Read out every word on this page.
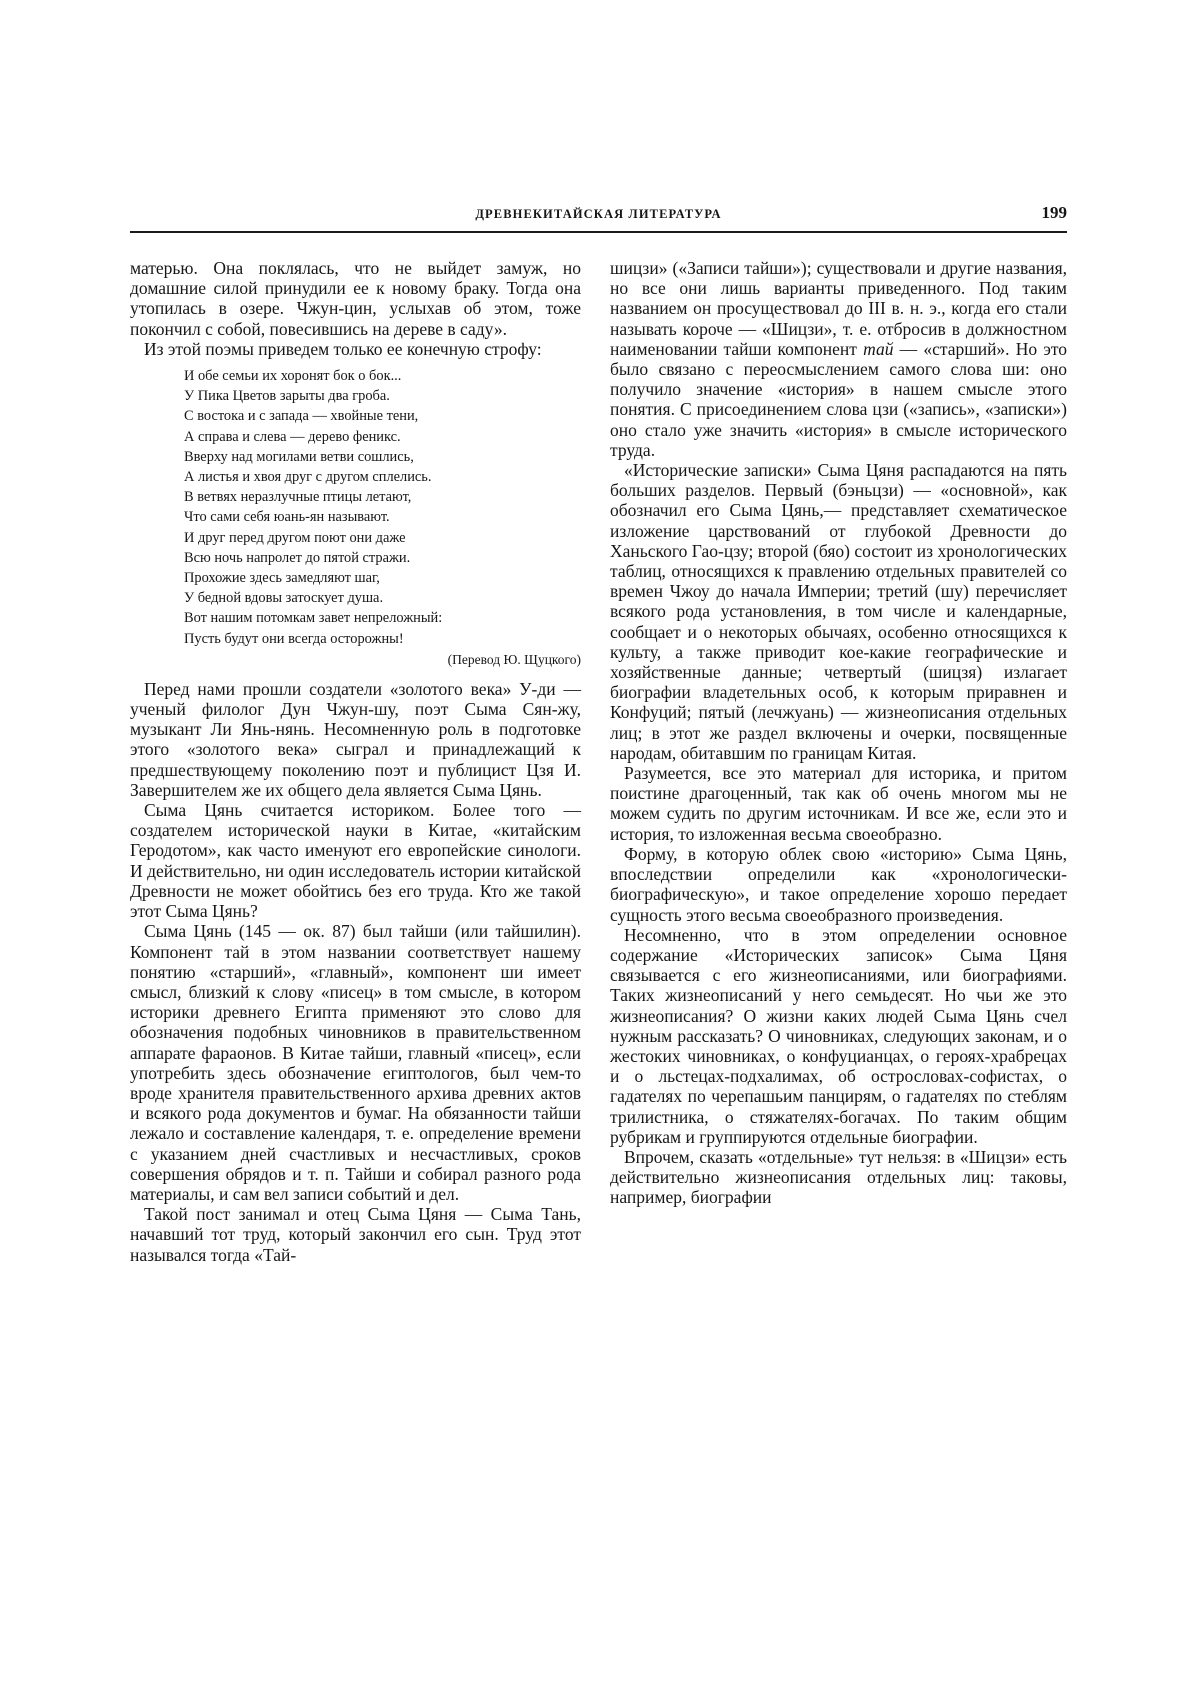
ДРЕВНЕКИТАЙСКАЯ ЛИТЕРАТУРА	199

матерью. Она поклялась, что не выйдет замуж, но домашние силой принудили ее к новому браку. Тогда она утопилась в озере. Чжун-цин, услыхав об этом, тоже покончил с собой, повесившись на дереве в саду».

Из этой поэмы приведем только ее конечную строфу:

И обе семьи их хоронят бок о бок...
У Пика Цветов зарыты два гроба.
С востока и с запада — хвойные тени,
А справа и слева — дерево феникс.
Вверху над могилами ветви сошлись,
А листья и хвоя друг с другом сплелись.
В ветвях неразлучные птицы летают,
Что сами себя юань-ян называют.
И друг перед другом поют они даже
Всю ночь напролет до пятой стражи.
Прохожие здесь замедляют шаг,
У бедной вдовы затоскует душа.
Вот нашим потомкам завет непреложный:
Пусть будут они всегда осторожны!
(Перевод Ю. Щуцкого)

Перед нами прошли создатели «золотого века» У-ди — ученый филолог Дун Чжун-шу, поэт Сыма Сян-жу, музыкант Ли Янь-нянь. Несомненную роль в подготовке этого «золотого века» сыграл и принадлежащий к предшествующему поколению поэт и публицист Цзя И. Завершителем же их общего дела является Сыма Цянь.

Сыма Цянь считается историком. Более того — создателем исторической науки в Китае, «китайским Геродотом», как часто именуют его европейские синологи. И действительно, ни один исследователь истории китайской Древности не может обойтись без его труда. Кто же такой этот Сыма Цянь?

Сыма Цянь (145 — ок. 87) был тайши (или тайшилин). Компонент тай в этом названии соответствует нашему понятию «старший», «главный», компонент ши имеет смысл, близкий к слову «писец» в том смысле, в котором историки древнего Египта применяют это слово для обозначения подобных чиновников в правительственном аппарате фараонов. В Китае тайши, главный «писец», если употребить здесь обозначение египтологов, был чем-то вроде хранителя правительственного архива древних актов и всякого рода документов и бумаг. На обязанности тайши лежало и составление календаря, т. е. определение времени с указанием дней счастливых и несчастливых, сроков совершения обрядов и т. п. Тайши и собирал разного рода материалы, и сам вел записи событий и дел.

Такой пост занимал и отец Сыма Цяня — Сыма Тань, начавший тот труд, который закончил его сын. Труд этот назывался тогда «Тай-

шицзи» («Записи тайши»); существовали и другие названия, но все они лишь варианты приведенного. Под таким названием он просуществовал до III в. н. э., когда его стали называть короче — «Шицзи», т. е. отбросив в должностном наименовании тайши компонент тай — «старший». Но это было связано с переосмыслением самого слова ши: оно получило значение «история» в нашем смысле этого понятия. С присоединением слова цзи («запись», «записки») оно стало уже значить «история» в смысле исторического труда.

«Исторические записки» Сыма Цяня распадаются на пять больших разделов. Первый (бэньцзи) — «основной», как обозначил его Сыма Цянь,— представляет схематическое изложение царствований от глубокой Древности до Ханьского Гао-цзу; второй (бяо) состоит из хронологических таблиц, относящихся к правлению отдельных правителей со времен Чжоу до начала Империи; третий (шу) перечисляет всякого рода установления, в том числе и календарные, сообщает и о некоторых обычаях, особенно относящихся к культу, а также приводит кое-какие географические и хозяйственные данные; четвертый (шицзя) излагает биографии владетельных особ, к которым приравнен и Конфуций; пятый (лечжуань) — жизнеописания отдельных лиц; в этот же раздел включены и очерки, посвященные народам, обитавшим по границам Китая.

Разумеется, все это материал для историка, и притом поистине драгоценный, так как об очень многом мы не можем судить по другим источникам. И все же, если это и история, то изложенная весьма своеобразно.

Форму, в которую облек свою «историю» Сыма Цянь, впоследствии определили как «хронологически-биографическую», и такое определение хорошо передает сущность этого весьма своеобразного произведения.

Несомненно, что в этом определении основное содержание «Исторических записок» Сыма Цяня связывается с его жизнеописаниями, или биографиями. Таких жизнеописаний у него семьдесят. Но чьи же это жизнеописания? О жизни каких людей Сыма Цянь счел нужным рассказать? О чиновниках, следующих законам, и о жестоких чиновниках, о конфуцианцах, о героях-храбрецах и о льстецах-подхалимах, об острословах-софистах, о гадателях по черепашьим панцирям, о гадателях по стеблям трилистника, о стяжателях-богачах. По таким общим рубрикам и группируются отдельные биографии.

Впрочем, сказать «отдельные» тут нельзя: в «Шицзи» есть действительно жизнеописания отдельных лиц: таковы, например, биографии
